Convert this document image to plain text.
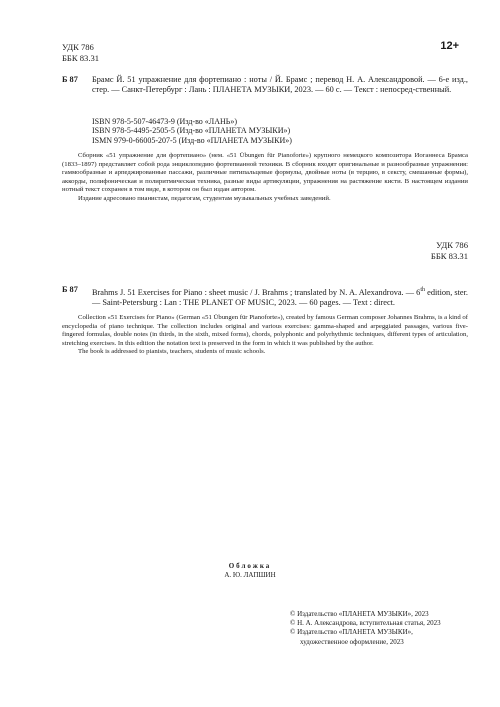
УДК 786
ББК 83.31
12+
Б 87 Брамс Й. 51 упражнение для фортепиано : ноты / Й. Брамс ; перевод Н. А. Александровой. — 6-е изд., стер. — Санкт-Петербург : Лань : ПЛАНЕТА МУЗЫКИ, 2023. — 60 с. — Текст : непосред-ственный.

ISBN 978-5-507-46473-9 (Изд-во «ЛАНЬ»)
ISBN 978-5-4495-2505-5 (Изд-во «ПЛАНЕТА МУЗЫКИ»)
ISMN 979-0-66005-207-5 (Изд-во «ПЛАНЕТА МУЗЫКИ»)

Сборник «51 упражнение для фортепиано» (нем. «51 Übungen für Pianoforte») крупного немецкого композитора Иоганнеса Брамса (1833–1897) представляет собой рода энциклопедию фортепианной техники. В сборник входят оригинальные и разнообразные упражнения: гаммообразные и арпеджированные пассажи, различные пятипальцевые формулы, двойные ноты (в терцию, в сексту, смешанные формы), аккорды, полифоническая и полиритмическая техника, разные виды артикуляции, упражнения на растяжение кисти. В настоящем издании нотный текст сохранен в том виде, в котором он был издан автором.

Издание адресовано пианистам, педагогам, студентам музыкальных учебных заведений.

УДК 786
ББК 83.31
Б 87 Brahms J. 51 Exercises for Piano : sheet music / J. Brahms ; translated by N. A. Alexandrova. — 6th edition, ster. — Saint-Petersburg : Lan : THE PLANET OF MUSIC, 2023. — 60 pages. — Text : direct.

Collection «51 Exercises for Piano» (German «51 Übungen für Pianoforte»), created by famous German composer Johannes Brahms, is a kind of encyclopedia of piano technique. The collection includes original and various exercises: gamma-shaped and arpeggiated passages, various five-fingered formulas, double notes (in thirds, in the sixth, mixed forms), chords, polyphonic and polyrhythmic techniques, different types of articulation, stretching exercises. In this edition the notation text is preserved in the form in which it was published by the author.

The book is addressed to pianists, teachers, students of music schools.

Обложка
А. Ю. ЛАПШИН
© Издательство «ПЛАНЕТА МУЗЫКИ», 2023
© Н. А. Александрова, вступительная статья, 2023
© Издательство «ПЛАНЕТА МУЗЫКИ»,
художественное оформление, 2023
